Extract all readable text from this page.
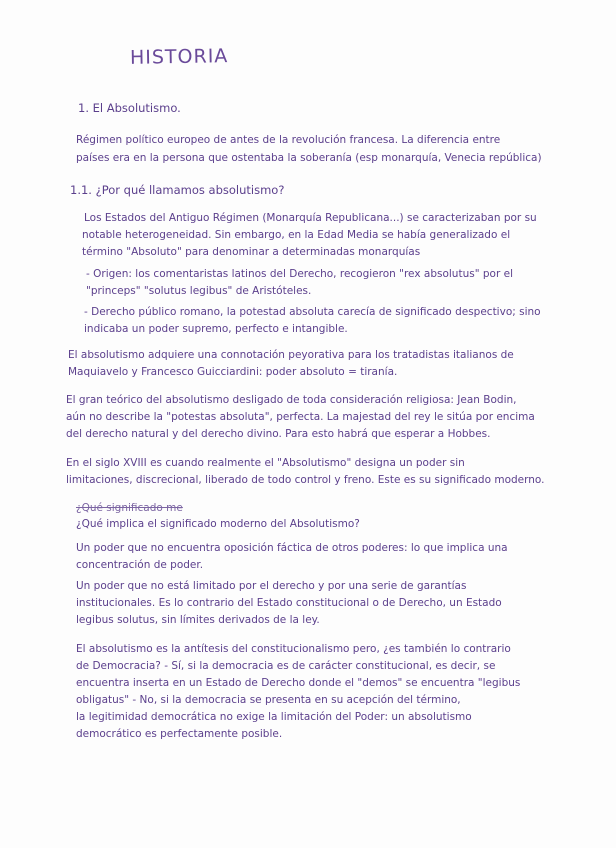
HISTORIA
1. El Absolutismo.
Régimen político europeo de antes de la revolución francesa. La diferencia entre
países era en la persona que ostentaba la soberanía (esp monarquía, Venecia república)
1.1. ¿Por qué llamamos absolutismo?
Los Estados del Antiguo Régimen (Monarquía Republicana...) se caracterizaban por su
notable heterogeneidad. Sin embargo, en la Edad Media se había generalizado el
término "Absoluto" para denominar a determinadas monarquías
- Origen: los comentaristas latinos del Derecho, recogieron "rex absolutus" por el
"princeps" "solutus legibus" de Aristóteles.
- Derecho público romano, la potestad absoluta carecía de significado despectivo; sino
indicaba un poder supremo, perfecto e intangible.
El absolutismo adquiere una connotación peyorativa para los tratadistas italianos de
Maquiavelo y Francesco Guicciardini: poder absoluto = tiranía.
El gran teórico del absolutismo desligado de toda consideración religiosa: Jean Bodin,
aún no describe la "potestas absoluta", perfecta. La majestad del rey le sitúa por encima
del derecho natural y del derecho divino. Para esto habrá que esperar a Hobbes.
En el siglo XVIII es cuando realmente el "Absolutismo" designa un poder sin
limitaciones, discrecional, liberado de todo control y freno. Este es su significado moderno.
¿Qué significado me
¿Qué implica el significado moderno del Absolutismo?
Un poder que no encuentra oposición fáctica de otros poderes: lo que implica una
concentración de poder.
Un poder que no está limitado por el derecho y por una serie de garantías
institucionales. Es lo contrario del Estado constitucional o de Derecho, un Estado
legibus solutus, sin límites derivados de la ley.
El absolutismo es la antítesis del constitucionalismo pero, ¿es también lo contrario
de Democracia? - Sí, si la democracia es de carácter constitucional, es decir, se
encuentra inserta en un Estado de Derecho donde el "demos" se encuentra "legibus
obligatus" - No, si la democracia se presenta en su acepción del término,
la legitimidad democrática no exige la limitación del Poder: un absolutismo
democrático es perfectamente posible.
